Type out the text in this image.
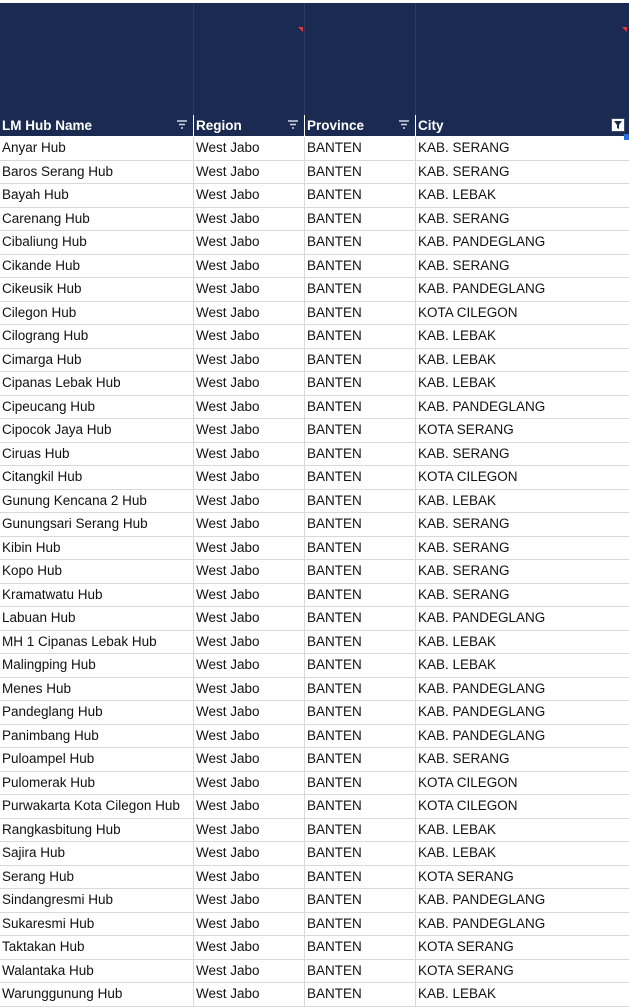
LM Hub Name	Region	Province	City
Anyar Hub	West Jabo	BANTEN	KAB. SERANG
Baros Serang Hub	West Jabo	BANTEN	KAB. SERANG
Bayah Hub	West Jabo	BANTEN	KAB. LEBAK
Carenang Hub	West Jabo	BANTEN	KAB. SERANG
Cibaliung Hub	West Jabo	BANTEN	KAB. PANDEGLANG
Cikande Hub	West Jabo	BANTEN	KAB. SERANG
Cikeusik Hub	West Jabo	BANTEN	KAB. PANDEGLANG
Cilegon Hub	West Jabo	BANTEN	KOTA CILEGON
Cilograng Hub	West Jabo	BANTEN	KAB. LEBAK
Cimarga Hub	West Jabo	BANTEN	KAB. LEBAK
Cipanas Lebak Hub	West Jabo	BANTEN	KAB. LEBAK
Cipeucang Hub	West Jabo	BANTEN	KAB. PANDEGLANG
Cipocok Jaya Hub	West Jabo	BANTEN	KOTA SERANG
Ciruas Hub	West Jabo	BANTEN	KAB. SERANG
Citangkil Hub	West Jabo	BANTEN	KOTA CILEGON
Gunung Kencana 2 Hub	West Jabo	BANTEN	KAB. LEBAK
Gunungsari Serang Hub	West Jabo	BANTEN	KAB. SERANG
Kibin Hub	West Jabo	BANTEN	KAB. SERANG
Kopo Hub	West Jabo	BANTEN	KAB. SERANG
Kramatwatu Hub	West Jabo	BANTEN	KAB. SERANG
Labuan Hub	West Jabo	BANTEN	KAB. PANDEGLANG
MH 1 Cipanas Lebak Hub	West Jabo	BANTEN	KAB. LEBAK
Malingping Hub	West Jabo	BANTEN	KAB. LEBAK
Menes Hub	West Jabo	BANTEN	KAB. PANDEGLANG
Pandeglang Hub	West Jabo	BANTEN	KAB. PANDEGLANG
Panimbang Hub	West Jabo	BANTEN	KAB. PANDEGLANG
Puloampel Hub	West Jabo	BANTEN	KAB. SERANG
Pulomerak Hub	West Jabo	BANTEN	KOTA CILEGON
Purwakarta Kota Cilegon Hub	West Jabo	BANTEN	KOTA CILEGON
Rangkasbitung Hub	West Jabo	BANTEN	KAB. LEBAK
Sajira Hub	West Jabo	BANTEN	KAB. LEBAK
Serang Hub	West Jabo	BANTEN	KOTA SERANG
Sindangresmi Hub	West Jabo	BANTEN	KAB. PANDEGLANG
Sukaresmi Hub	West Jabo	BANTEN	KAB. PANDEGLANG
Taktakan Hub	West Jabo	BANTEN	KOTA SERANG
Walantaka Hub	West Jabo	BANTEN	KOTA SERANG
Warunggunung Hub	West Jabo	BANTEN	KAB. LEBAK
